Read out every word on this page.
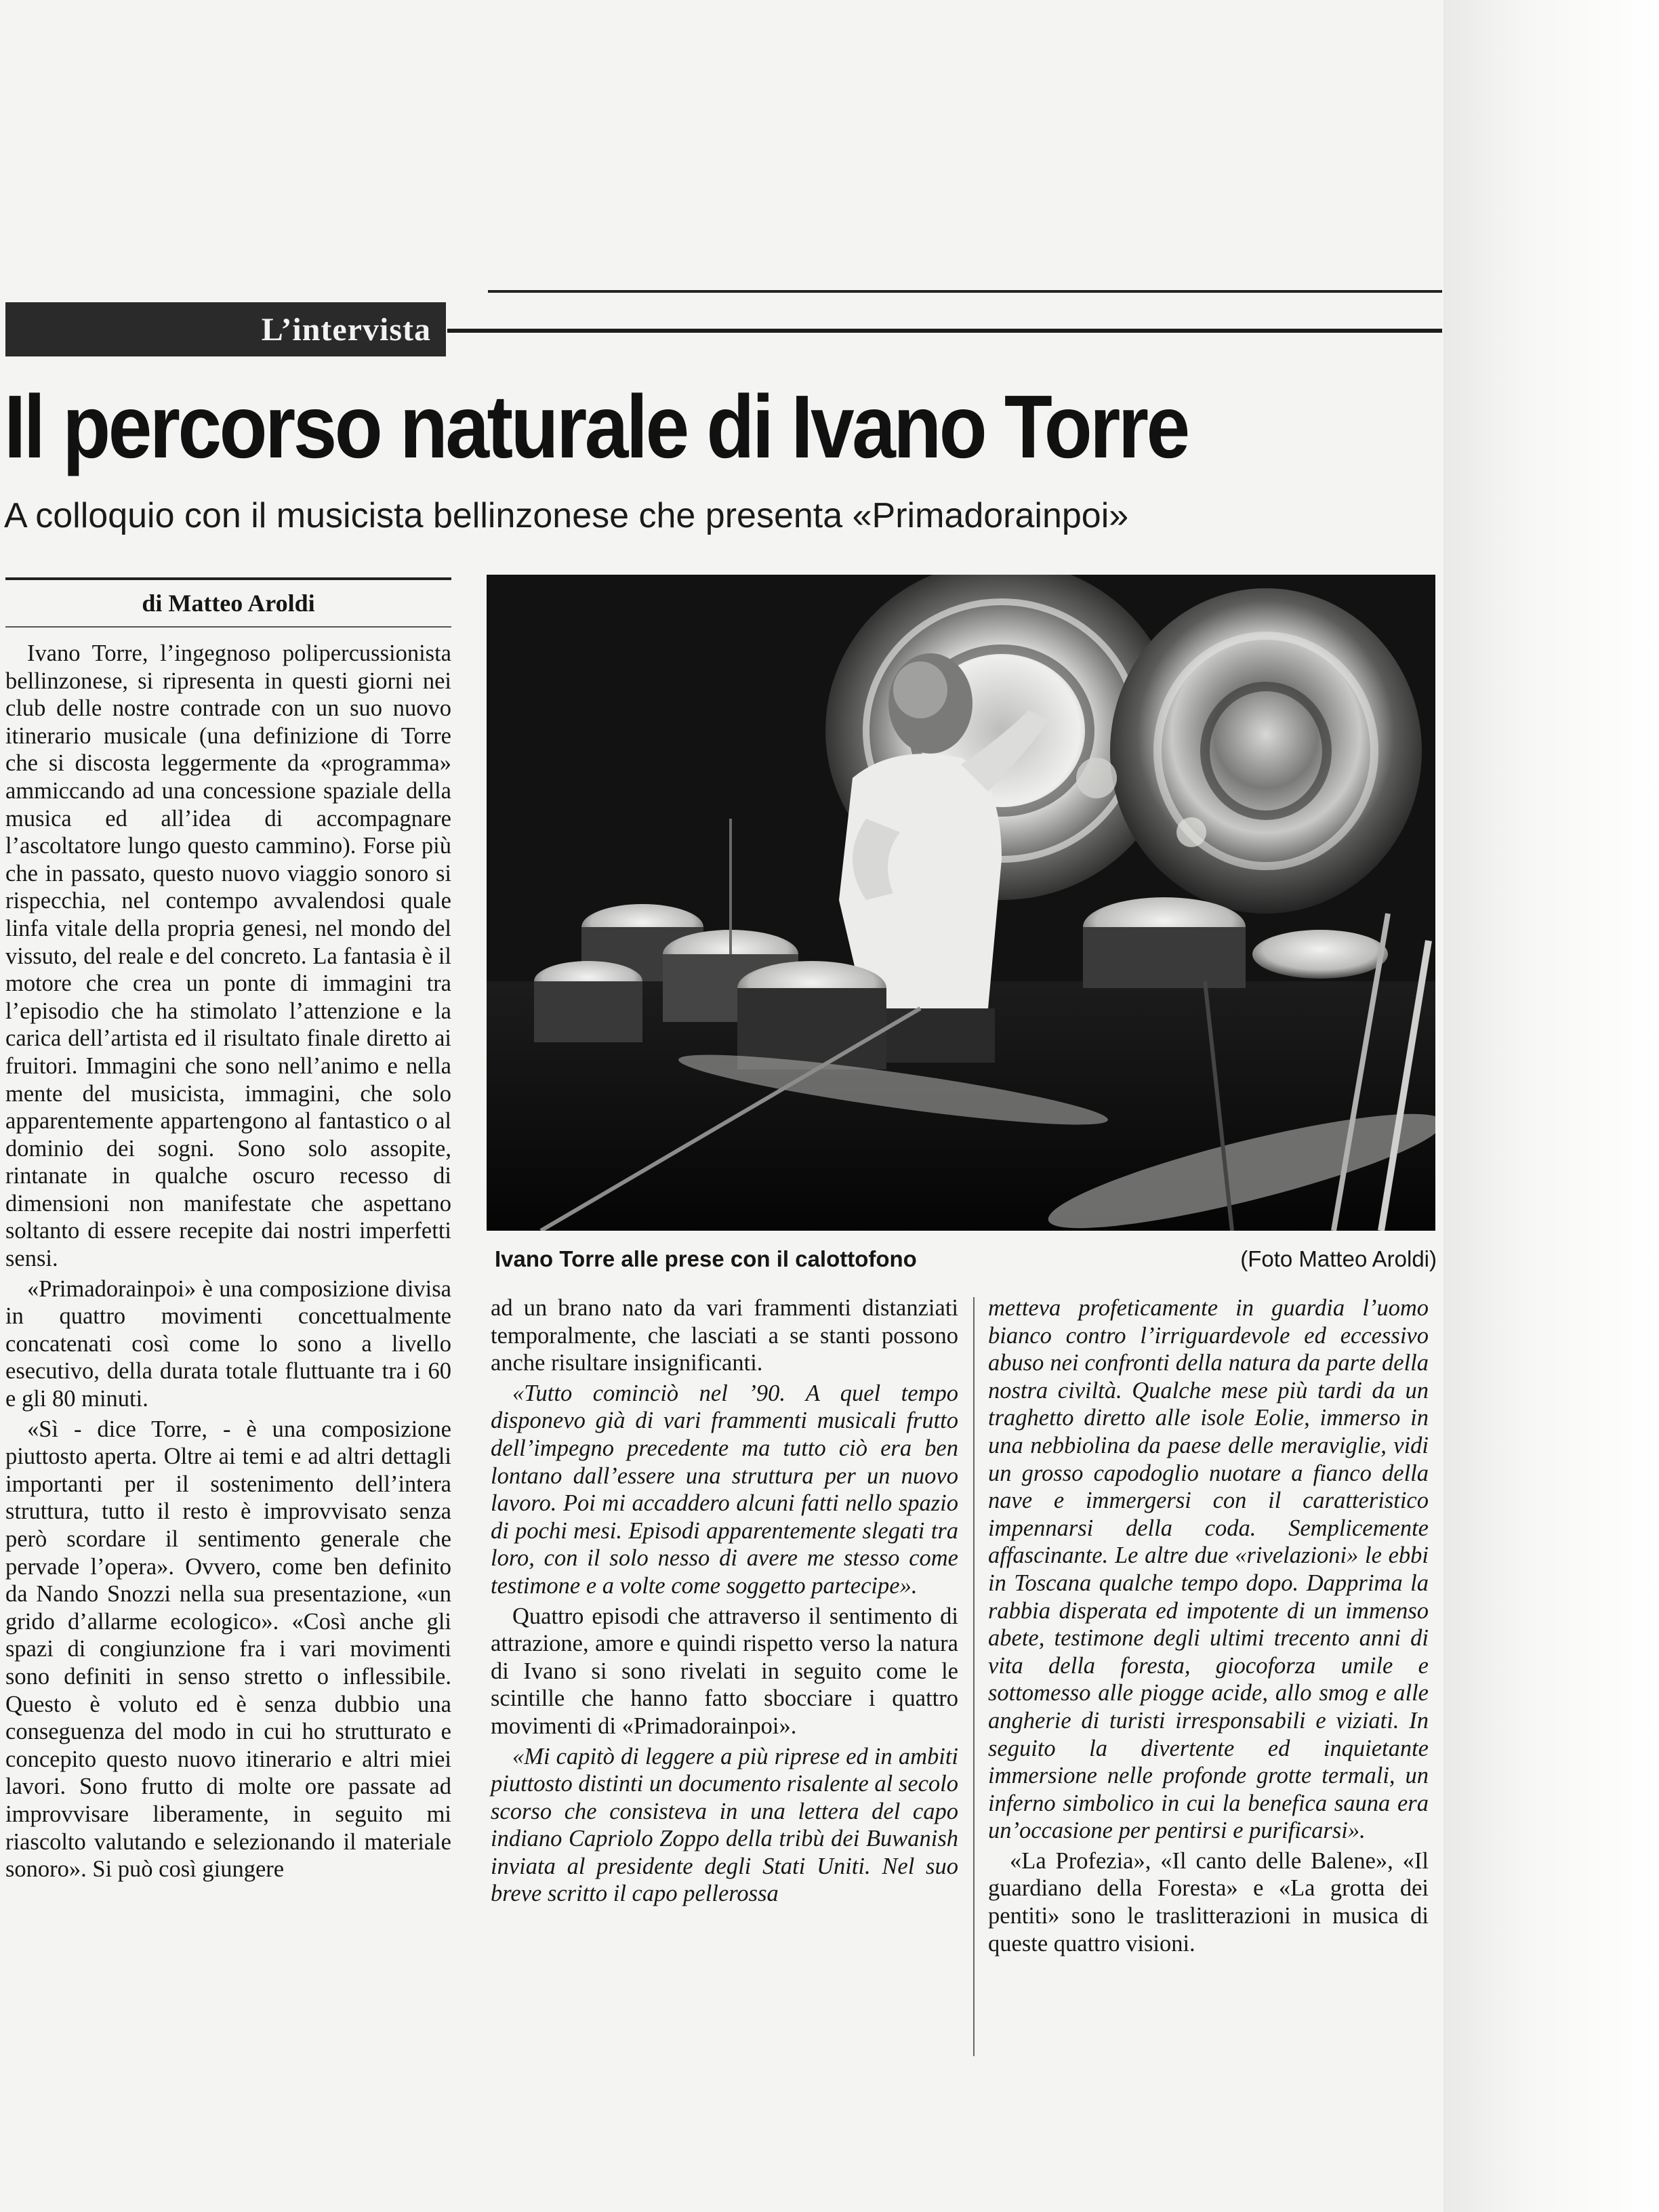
L’intervista
Il percorso naturale di Ivano Torre
A colloquio con il musicista bellinzonese che presenta «Primadorainpoi»
di Matteo Aroldi

Ivano Torre, l’ingegnoso polipercussionista bellinzonese, si ripresenta in questi giorni nei club delle nostre contrade con un suo nuovo itinerario musicale (una definizione di Torre che si discosta leggermente da «programma» ammiccando ad una concessione spaziale della musica ed all’idea di accompagnare l’ascoltatore lungo questo cammino). Forse più che in passato, questo nuovo viaggio sonoro si rispecchia, nel contempo avvalendosi quale linfa vitale della propria genesi, nel mondo del vissuto, del reale e del concreto. La fantasia è il motore che crea un ponte di immagini tra l’episodio che ha stimolato l’attenzione e la carica dell’artista ed il risultato finale diretto ai fruitori. Immagini che sono nell’animo e nella mente del musicista, immagini, che solo apparentemente appartengono al fantastico o al dominio dei sogni. Sono solo assopite, rintanate in qualche oscuro recesso di dimensioni non manifestate che aspettano soltanto di essere recepite dai nostri imperfetti sensi.

«Primadorainpoi» è una composizione divisa in quattro movimenti concettualmente concatenati così come lo sono a livello esecutivo, della durata totale fluttuante tra i 60 e gli 80 minuti.

«Sì - dice Torre, - è una composizione piuttosto aperta. Oltre ai temi e ad altri dettagli importanti per il sostenimento dell’intera struttura, tutto il resto è improvvisato senza però scordare il sentimento generale che pervade l’opera». Ovvero, come ben definito da Nando Snozzi nella sua presentazione, «un grido d’allarme ecologico». «Così anche gli spazi di congiunzione fra i vari movimenti sono definiti in senso stretto o inflessibile. Questo è voluto ed è senza dubbio una conseguenza del modo in cui ho strutturato e concepito questo nuovo itinerario e altri miei lavori. Sono frutto di molte ore passate ad improvvisare liberamente, in seguito mi riascolto valutando e selezionando il materiale sonoro». Si può così giungere

Ivano Torre alle prese con il calottofono	(Foto Matteo Aroldi)

ad un brano nato da vari frammenti distanziati temporalmente, che lasciati a se stanti possono anche risultare insignificanti.

«Tutto cominciò nel ’90. A quel tempo disponevo già di vari frammenti musicali frutto dell’impegno precedente ma tutto ciò era ben lontano dall’essere una struttura per un nuovo lavoro. Poi mi accaddero alcuni fatti nello spazio di pochi mesi. Episodi apparentemente slegati tra loro, con il solo nesso di avere me stesso come testimone e a volte come soggetto partecipe».

Quattro episodi che attraverso il sentimento di attrazione, amore e quindi rispetto verso la natura di Ivano si sono rivelati in seguito come le scintille che hanno fatto sbocciare i quattro movimenti di «Primadorainpoi».

«Mi capitò di leggere a più riprese ed in ambiti piuttosto distinti un documento risalente al secolo scorso che consisteva in una lettera del capo indiano Capriolo Zoppo della tribù dei Buwanish inviata al presidente degli Stati Uniti. Nel suo breve scritto il capo pellerossa

metteva profeticamente in guardia l’uomo bianco contro l’irriguardevole ed eccessivo abuso nei confronti della natura da parte della nostra civiltà. Qualche mese più tardi da un traghetto diretto alle isole Eolie, immerso in una nebbiolina da paese delle meraviglie, vidi un grosso capodoglio nuotare a fianco della nave e immergersi con il caratteristico impennarsi della coda. Semplicemente affascinante. Le altre due «rivelazioni» le ebbi in Toscana qualche tempo dopo. Dapprima la rabbia disperata ed impotente di un immenso abete, testimone degli ultimi trecento anni di vita della foresta, giocoforza umile e sottomesso alle piogge acide, allo smog e alle angherie di turisti irresponsabili e viziati. In seguito la divertente ed inquietante immersione nelle profonde grotte termali, un inferno simbolico in cui la benefica sauna era un’occasione per pentirsi e purificarsi».

«La Profezia», «Il canto delle Balene», «Il guardiano della Foresta» e «La grotta dei pentiti» sono le traslitterazioni in musica di queste quattro visioni.
